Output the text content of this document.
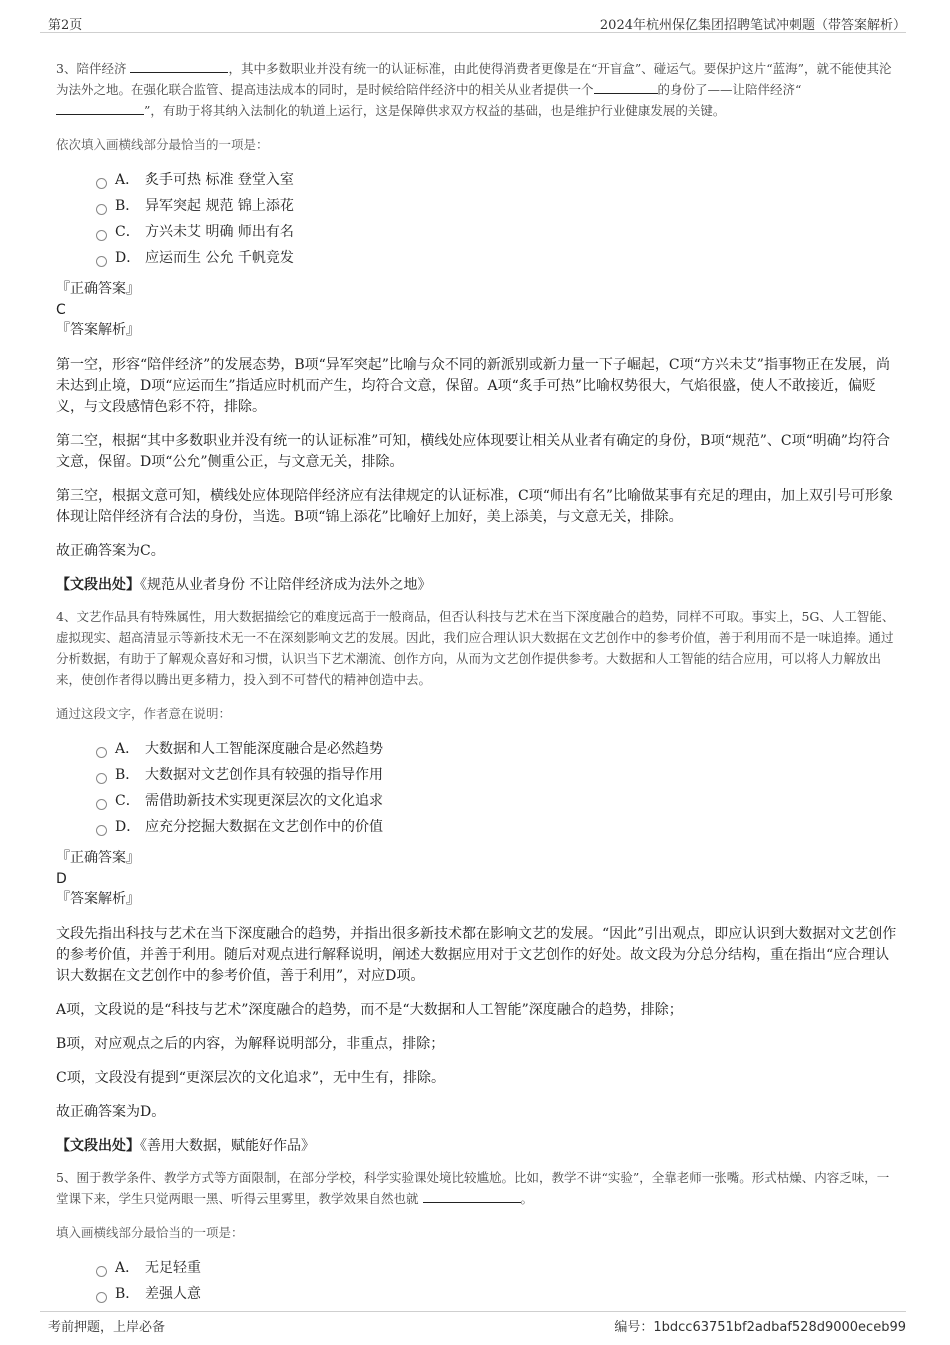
第2页	2024年杭州保亿集团招聘笔试冲刺题（带答案解析）

3、陪伴经济	，其中多数职业并没有统一的认证标准，由此使得消费者更像是在“开盲盒”、碰运气。要保护这片“蓝海”，就不能使其沦为法外之地。在强化联合监管、提高违法成本的同时，是时候给陪伴经济中的相关从业者提供一个	的身份了——让陪伴经济“
”，有助于将其纳入法制化的轨道上运行，这是保障供求双方权益的基础，也是维护行业健康发展的关键。

依次填入画横线部分最恰当的一项是：

A． 炙手可热 标准 登堂入室
B． 异军突起 规范 锦上添花
C． 方兴未艾 明确 师出有名
D． 应运而生 公允 千帆竞发

『正确答案』

C

『答案解析』

第一空，形容“陪伴经济”的发展态势，B项“异军突起”比喻与众不同的新派别或新力量一下子崛起，C项“方兴未艾”指事物正在发展，尚未达到止境，D项“应运而生”指适应时机而产生，均符合文意，保留。A项“炙手可热”比喻权势很大，气焰很盛，使人不敢接近，偏贬义，与文段感情色彩不符，排除。

第二空，根据“其中多数职业并没有统一的认证标准”可知，横线处应体现要让相关从业者有确定的身份，B项“规范”、C项“明确”均符合文意，保留。D项“公允”侧重公正，与文意无关，排除。

第三空，根据文意可知，横线处应体现陪伴经济应有法律规定的认证标准，C项“师出有名”比喻做某事有充足的理由，加上双引号可形象体现让陪伴经济有合法的身份，当选。B项“锦上添花”比喻好上加好，美上添美，与文意无关，排除。

故正确答案为C。

【文段出处】《规范从业者身份 不让陪伴经济成为法外之地》

4、文艺作品具有特殊属性，用大数据描绘它的难度远高于一般商品，但否认科技与艺术在当下深度融合的趋势，同样不可取。事实上，5G、人工智能、虚拟现实、超高清显示等新技术无一不在深刻影响文艺的发展。因此，我们应合理认识大数据在文艺创作中的参考价值，善于利用而不是一味追捧。通过分析数据，有助于了解观众喜好和习惯，认识当下艺术潮流、创作方向，从而为文艺创作提供参考。大数据和人工智能的结合应用，可以将人力解放出来，使创作者得以腾出更多精力，投入到不可替代的精神创造中去。

通过这段文字，作者意在说明：

A． 大数据和人工智能深度融合是必然趋势
B． 大数据对文艺创作具有较强的指导作用
C． 需借助新技术实现更深层次的文化追求
D． 应充分挖掘大数据在文艺创作中的价值

『正确答案』

D

『答案解析』

文段先指出科技与艺术在当下深度融合的趋势，并指出很多新技术都在影响文艺的发展。“因此”引出观点，即应认识到大数据对文艺创作的参考价值，并善于利用。随后对观点进行解释说明，阐述大数据应用对于文艺创作的好处。故文段为分总分结构，重在指出“应合理认识大数据在文艺创作中的参考价值，善于利用”，对应D项。

A项，文段说的是“科技与艺术”深度融合的趋势，而不是“大数据和人工智能”深度融合的趋势，排除；

B项，对应观点之后的内容，为解释说明部分，非重点，排除；

C项，文段没有提到“更深层次的文化追求”，无中生有，排除。

故正确答案为D。

【文段出处】《善用大数据，赋能好作品》

5、囿于教学条件、教学方式等方面限制，在部分学校，科学实验课处境比较尴尬。比如，教学不讲“实验”，全靠老师一张嘴。形式枯燥、内容乏味，一堂课下来，学生只觉两眼一黑、听得云里雾里，教学效果自然也就	。

填入画横线部分最恰当的一项是：

A． 无足轻重
B． 差强人意
考前押题，上岸必备	编号：1bdcc63751bf2adbaf528d9000eceb99
